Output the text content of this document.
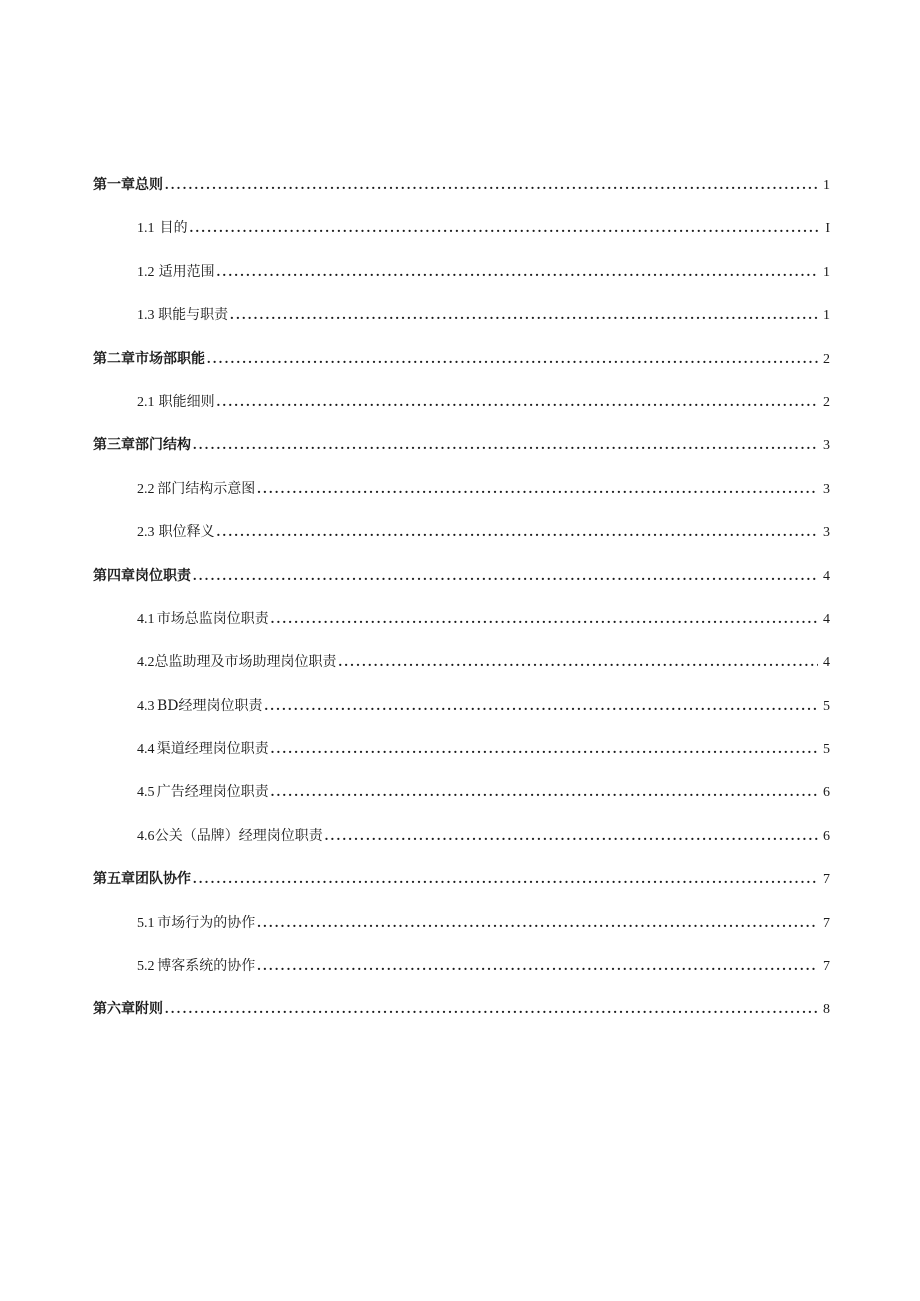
第一章总则 .....	1
1.1 目的 .....	I
1.2 适用范围 .....	1
1.3 职能与职责 .....	1
第二章市场部职能 .....	2
2.1 职能细则 .....	2
第三章部门结构 .....	3
2.2 部门结构示意图 .....	3
2.3 职位释义 .....	3
第四章岗位职责 .....	4
4.1 市场总监岗位职责 .....	4
4.2 总监助理及市场助理岗位职责 .....	4
4.3 BD经理岗位职责 .....	5
4.4 渠道经理岗位职责 .....	5
4.5 广告经理岗位职责 .....	6
4.6 公关（品牌）经理岗位职责 .....	6
第五章团队协作 .....	7
5.1 市场行为的协作 .....	7
5.2 博客系统的协作 .....	7
第六章附则 .....	8
